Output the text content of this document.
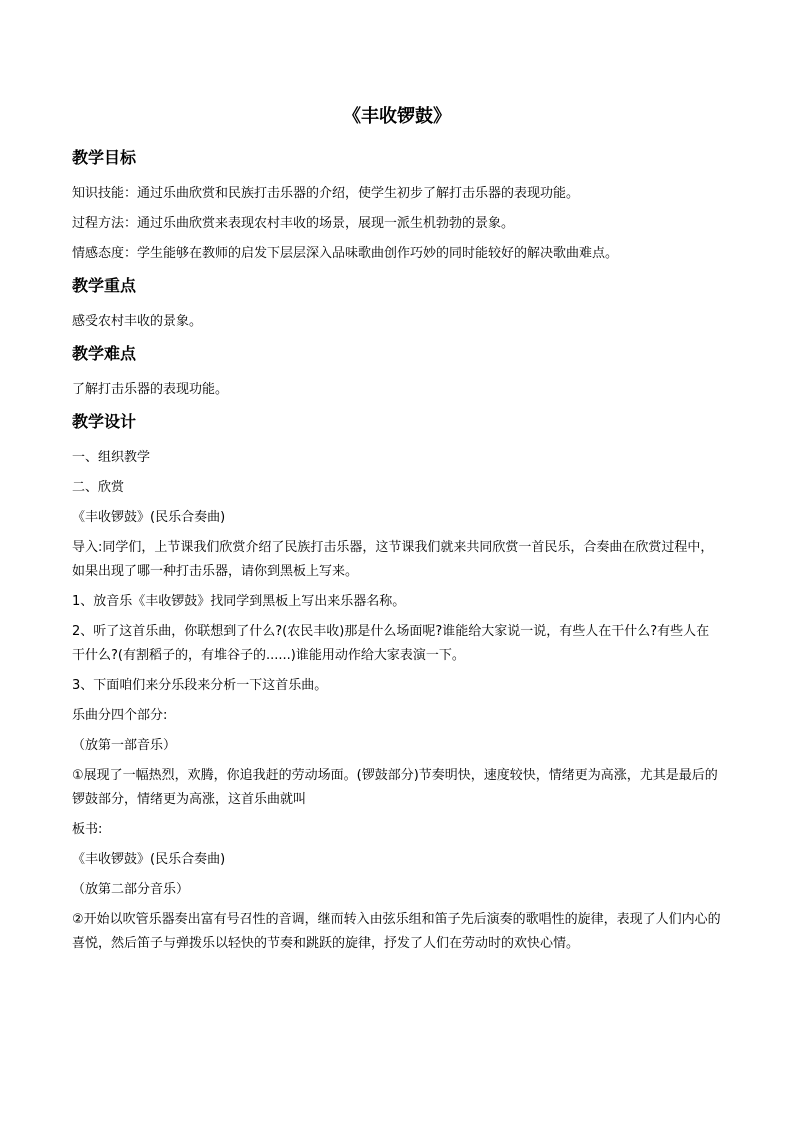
《丰收锣鼓》
教学目标
知识技能：通过乐曲欣赏和民族打击乐器的介绍，使学生初步了解打击乐器的表现功能。
过程方法：通过乐曲欣赏来表现农村丰收的场景，展现一派生机勃勃的景象。
情感态度：学生能够在教师的启发下层层深入品味歌曲创作巧妙的同时能较好的解决歌曲难点。
教学重点
感受农村丰收的景象。
教学难点
了解打击乐器的表现功能。
教学设计
一、组织教学
二、欣赏
《丰收锣鼓》(民乐合奏曲)
导入:同学们，上节课我们欣赏介绍了民族打击乐器，这节课我们就来共同欣赏一首民乐，合奏曲在欣赏过程中，如果出现了哪一种打击乐器，请你到黑板上写来。
1、放音乐《丰收锣鼓》找同学到黑板上写出来乐器名称。
2、听了这首乐曲，你联想到了什么?(农民丰收)那是什么场面呢?谁能给大家说一说，有些人在干什么?有些人在干什么?(有割稻子的，有堆谷子的......)谁能用动作给大家表演一下。
3、下面咱们来分乐段来分析一下这首乐曲。
乐曲分四个部分:
（放第一部音乐）
①展现了一幅热烈，欢腾，你追我赶的劳动场面。(锣鼓部分)节奏明快，速度较快，情绪更为高涨，尤其是最后的锣鼓部分，情绪更为高涨，这首乐曲就叫
板书:
《丰收锣鼓》(民乐合奏曲)
（放第二部分音乐）
②开始以吹管乐器奏出富有号召性的音调，继而转入由弦乐组和笛子先后演奏的歌唱性的旋律，表现了人们内心的喜悦，然后笛子与弹拨乐以轻快的节奏和跳跃的旋律，抒发了人们在劳动时的欢快心情。
